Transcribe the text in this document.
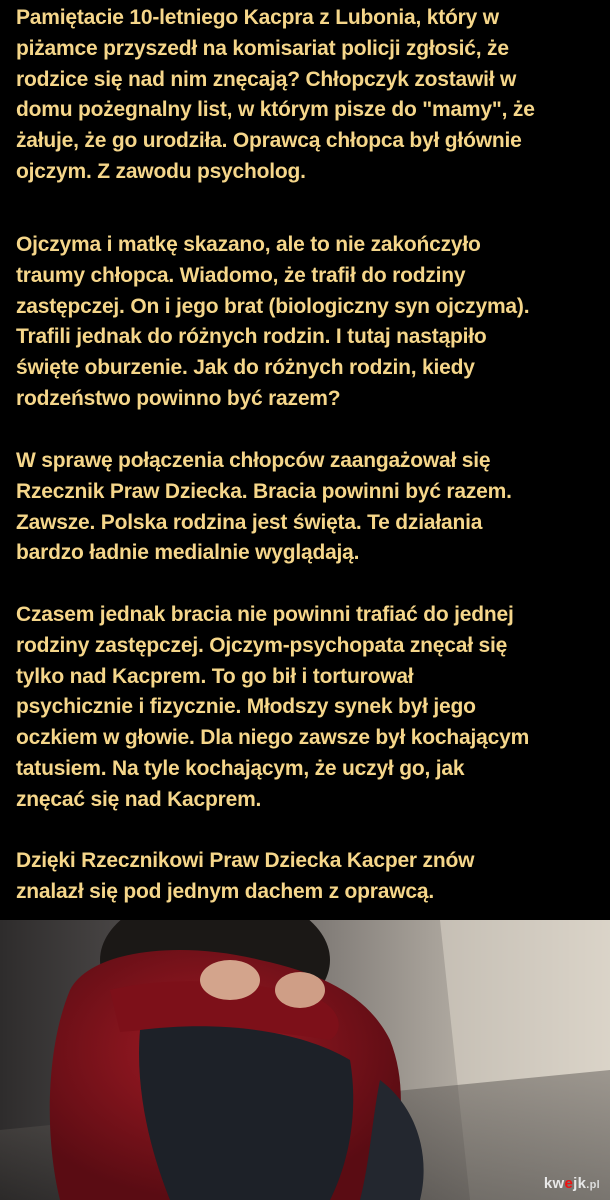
Pamiętacie 10-letniego Kacpra z Lubonia, który w
piżamce przyszedł na komisariat policji zgłosić, że
rodzice się nad nim znęcają? Chłopczyk zostawił w
domu pożegnalny list, w którym pisze do "mamy", że
żałuje, że go urodziła. Oprawcą chłopca był głównie
ojczym. Z zawodu psycholog.

Ojczyma i matkę skazano, ale to nie zakończyło
traumy chłopca. Wiadomo, że trafił do rodziny
zastępczej. On i jego brat (biologiczny syn ojczyma).
Trafili jednak do różnych rodzin. I tutaj nastąpiło
święte oburzenie. Jak do różnych rodzin, kiedy
rodzeństwo powinno być razem?

W sprawę połączenia chłopców zaangażował się
Rzecznik Praw Dziecka. Bracia powinni być razem.
Zawsze. Polska rodzina jest święta. Te działania
bardzo ładnie medialnie wyglądają.

Czasem jednak bracia nie powinni trafiać do jednej
rodziny zastępczej. Ojczym-psychopata znęcał się
tylko nad Kacprem. To go bił i torturował
psychicznie i fizycznie. Młodszy synek był jego
oczkiem w głowie. Dla niego zawsze był kochającym
tatusiem. Na tyle kochającym, że uczył go, jak
znęcać się nad Kacprem.

Dzięki Rzecznikowi Praw Dziecka Kacper znów
znalazł się pod jednym dachem z oprawcą.

kwejk.pl
